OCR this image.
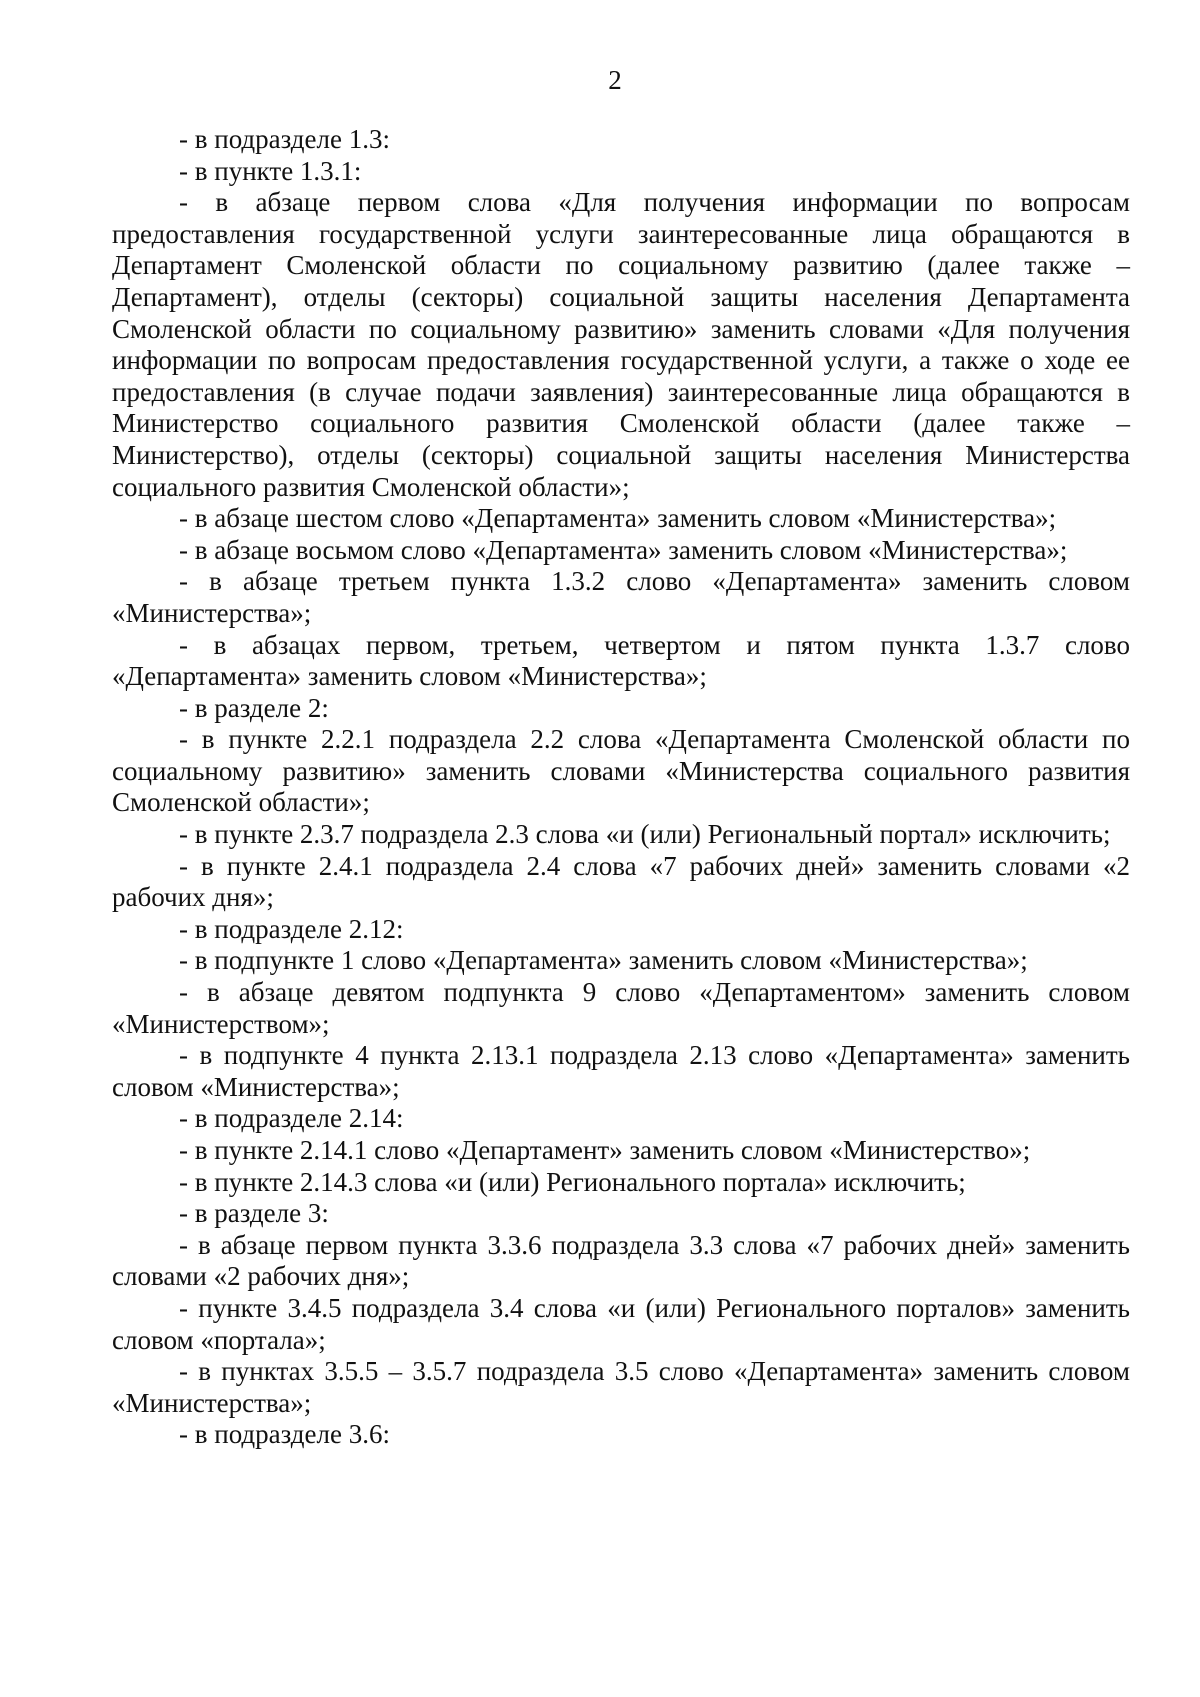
2

- в подразделе 1.3:

- в пункте 1.3.1:

- в абзаце первом слова «Для получения информации по вопросам предоставления государственной услуги заинтересованные лица обращаются в Департамент Смоленской области по социальному развитию (далее также – Департамент), отделы (секторы) социальной защиты населения Департамента Смоленской области по социальному развитию» заменить словами «Для получения информации по вопросам предоставления государственной услуги, а также о ходе ее предоставления (в случае подачи заявления) заинтересованные лица обращаются в Министерство социального развития Смоленской области (далее также – Министерство), отделы (секторы) социальной защиты населения Министерства социального развития Смоленской области»;

- в абзаце шестом слово «Департамента» заменить словом «Министерства»;

- в абзаце восьмом слово «Департамента» заменить словом «Министерства»;

- в абзаце третьем пункта 1.3.2 слово «Департамента» заменить словом «Министерства»;

- в абзацах первом, третьем, четвертом и пятом пункта 1.3.7 слово «Департамента» заменить словом «Министерства»;

- в разделе 2:

- в пункте 2.2.1 подраздела 2.2 слова «Департамента Смоленской области по социальному развитию» заменить словами «Министерства социального развития Смоленской области»;

- в пункте 2.3.7 подраздела 2.3 слова «и (или) Региональный портал» исключить;

- в пункте 2.4.1 подраздела 2.4 слова «7 рабочих дней» заменить словами «2 рабочих дня»;

- в подразделе 2.12:

- в подпункте 1 слово «Департамента» заменить словом «Министерства»;

- в абзаце девятом подпункта 9 слово «Департаментом» заменить словом «Министерством»;

- в подпункте 4 пункта 2.13.1 подраздела 2.13 слово «Департамента» заменить словом «Министерства»;

- в подразделе 2.14:

- в пункте 2.14.1 слово «Департамент» заменить словом «Министерство»;

- в пункте 2.14.3 слова «и (или) Регионального портала» исключить;

- в разделе 3:

- в абзаце первом пункта 3.3.6 подраздела 3.3 слова «7 рабочих дней» заменить словами «2 рабочих дня»;

- пункте 3.4.5 подраздела 3.4 слова «и (или) Регионального порталов» заменить словом «портала»;

- в пунктах 3.5.5 – 3.5.7 подраздела 3.5 слово «Департамента» заменить словом «Министерства»;

- в подразделе 3.6:
